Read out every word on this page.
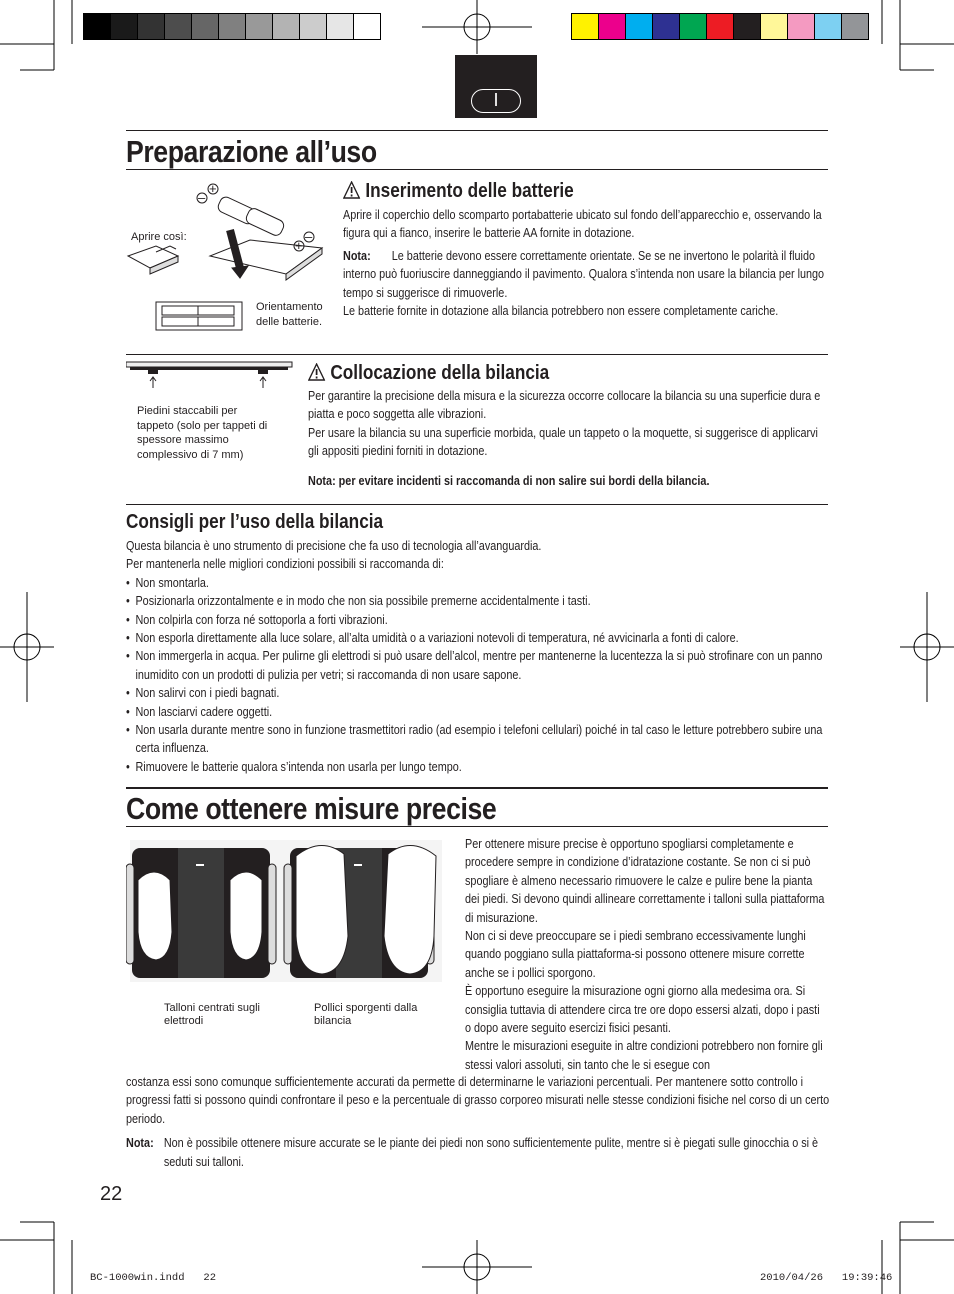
I
Preparazione all’uso
–
+
–
+
Aprire così:
Orientamento delle batterie.
Inserimento delle batterie
Aprire il coperchio dello scomparto portabatterie ubicato sul fondo dell’apparecchio e, osservando la figura qui a fianco, inserire le batterie AA fornite in dotazione.
Nota: Le batterie devono essere correttamente orientate. Se se ne invertono le polarità il fluido interno può fuoriuscire danneggiando il pavimento. Qualora s’intenda non usare la bilancia per lungo tempo si suggerisce di rimuoverle.
Le batterie fornite in dotazione alla bilancia potrebbero non essere completamente cariche.
Piedini staccabili per tappeto (solo per tappeti di spessore massimo complessivo di 7 mm)
Collocazione della bilancia
Per garantire la precisione della misura e la sicurezza occorre collocare la bilancia su una superficie dura e piatta e poco soggetta alle vibrazioni.
Per usare la bilancia su una superficie morbida, quale un tappeto o la moquette, si suggerisce di applicarvi gli appositi piedini forniti in dotazione.
Nota: per evitare incidenti si raccomanda di non salire sui bordi della bilancia.
Consigli per l’uso della bilancia
Questa bilancia è uno strumento di precisione che fa uso di tecnologia all’avanguardia.
Per mantenerla nelle migliori condizioni possibili si raccomanda di:
• Non smontarla.
• Posizionarla orizzontalmente e in modo che non sia possibile premerne accidentalmente i tasti.
• Non colpirla con forza né sottoporla a forti vibrazioni.
• Non esporla direttamente alla luce solare, all’alta umidità o a variazioni notevoli di temperatura, né avvicinarla a fonti di calore.
• Non immergerla in acqua. Per pulirne gli elettrodi si può usare dell’alcol, mentre per mantenerne la lucentezza la si può strofinare con un panno inumidito con un prodotti di pulizia per vetri; si raccomanda di non usare sapone.
• Non salirvi con i piedi bagnati.
• Non lasciarvi cadere oggetti.
• Non usarla durante mentre sono in funzione trasmettitori radio (ad esempio i telefoni cellulari) poiché in tal caso le letture potrebbero subire una certa influenza.
• Rimuovere le batterie qualora s’intenda non usarla per lungo tempo.
Come ottenere misure precise
Talloni centrati sugli elettrodi
Pollici sporgenti dalla bilancia
Per ottenere misure precise è opportuno spogliarsi completamente e procedere sempre in condizione d’idratazione costante. Se non ci si può spogliare è almeno necessario rimuovere le calze e pulire bene la pianta dei piedi. Si devono quindi allineare correttamente i talloni sulla piattaforma di misurazione.
Non ci si deve preoccupare se i piedi sembrano eccessivamente lunghi quando poggiano sulla piattaforma-si possono ottenere misure corrette anche se i pollici sporgono.
È opportuno eseguire la misurazione ogni giorno alla medesima ora. Si consiglia tuttavia di attendere circa tre ore dopo essersi alzati, dopo i pasti o dopo avere seguito esercizi fisici pesanti.
Mentre le misurazioni eseguite in altre condizioni potrebbero non fornire gli stessi valori assoluti, sin tanto che le si esegue con
costanza essi sono comunque sufficientemente accurati da permette di determinarne le variazioni percentuali. Per mantenere sotto controllo i progressi fatti si possono quindi confrontare il peso e la percentuale di grasso corporeo misurati nelle stesse condizioni fisiche nel corso di un certo periodo.
Nota: Non è possibile ottenere misure accurate se le piante dei piedi non sono sufficientemente pulite, mentre si è piegati sulle ginocchia o si è seduti sui talloni.
22
BC-1000win.indd   22	2010/04/26   19:39:46
